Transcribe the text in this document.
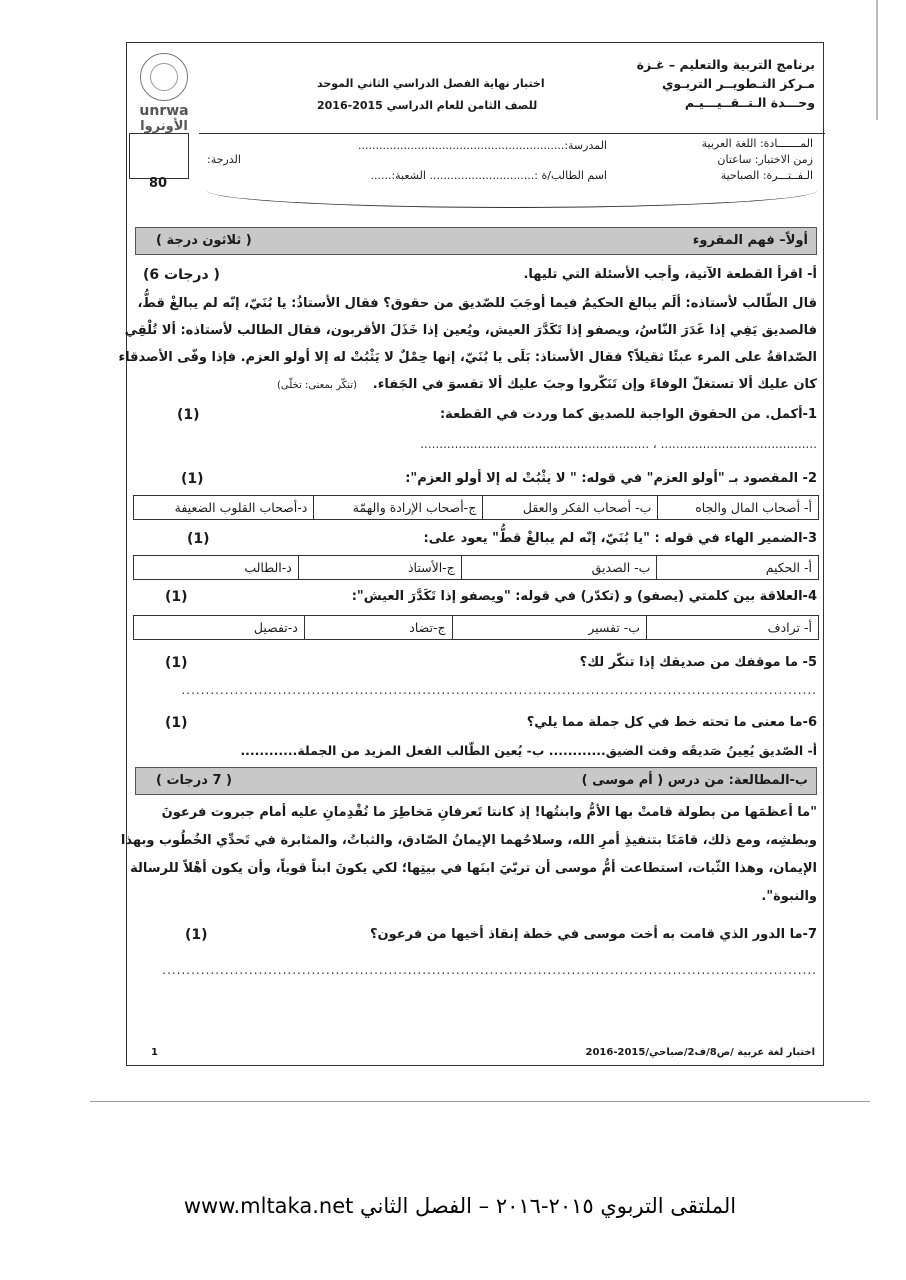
unrwa
الأونروا
برنامج التربية والتعليم – غـزة
مـركز التـطويــر التربـوي
وحـــدة الـتــقــيـــيـم
اختبار نهاية الفصل الدراسي الثاني الموحد
للصف الثامن للعام الدراسي 2015-2016
المـــــــادة: اللغة العربية
زمن الاختبار: ساعتان
الـفــتـــرة: الصباحية
المدرسة:...........................................................
اسم الطالب/ة :.............................. الشعبة:......
الدرجة:
80
أولاً– فهم المقروء
( ثلاثون درجة )
أ- اقرأ القطعة الآتية، وأجب الأسئلة التي تليها.
(6 درجات )
قال الطّالب لأستاذه: ألَم يبالغ الحكيمُ فيما أوجَبَ للصّديق من حقوق؟ فقال الأستاذُ: يا بُنَيّ، إنّه لم يبالغْ قطُّ،
فالصديق يَفِي إذا غَدَرَ النّاسُ، ويصفو إذا تَكَدَّرَ العيش، ويُعين إذا خَذَلَ الأقربون، فقال الطالب لأستاذه: ألا تُلْقِي
الصّداقةُ على المرء عبئًا ثقيلاً؟ فقال الأستاذ: بَلَى يا بُنَيّ، إنها حِمْلٌ لا يَثْبُتْ له إلا أولو العزم. فإذا وفّى الأصدقاء
كان عليك ألا تستغلّ الوفاءَ وإن تَنَكّروا وجبَ عليك ألا تقسوَ في الجَفاء.
(تنكّر بمعنى: تخلّى)
1-أكمل. من الحقوق الواجبة للصديق كما وردت في القطعة:
(1)
......................................... ، ............................................................
2- المقصود بـ "أولو العزم" في قوله: " لا يثْبُتْ له إلا أولو العزم":
(1)
أ- أصحاب المال والجاه	ب- أصحاب الفكر والعقل	ج-أصحاب الإرادة والهمّة	د-أصحاب القلوب الضعيفة
3-الضمير الهاء في قوله : "يا بُنَيّ، إنّه لم يبالغْ قطُّ" يعود على:
(1)
أ- الحكيم	ب- الصديق	ج-الأستاذ	د-الطالب
4-العلاقة بين كلمتي (يصفو) و (تكدّر) في قوله: "ويصفو إذا تَكَدَّرَ العيش":
(1)
أ- ترادف	ب- تفسير	ج-تضاد	د-تفصيل
5- ما موقفك من صديقك إذا تنكّر لك؟
(1)
....................................................................................................................................
6-ما معنى ما تحته خط في كل جملة مما يلي؟
(1)
أ- الصّديق يُعِينُ صَديقَه وقت الضيق............ ب- يُعين الطّالب الفعل المزيد من الجملة............
ب-المطالعة: من درس ( أم موسى )
( 7 درجات )
"ما أعظمَها من بطولة قامتْ بها الأمُّ وابنتُها! إذ كانتا تَعرفانِ مَخاطِرَ ما تُقْدِمانِ عليه أمام جبروت فرعونَ
وبطشِه، ومع ذلك، قامَتَا بتنفيذِ أمرِ الله، وسلاحُهما الإيمانُ الصّادق، والثباتُ، والمثابرة في تَحدِّي الخُطُوب وبهذا
الإيمان، وهذا الثّبات، استطاعت أمُّ موسى أن تربّيَ ابنَها في بيتِها؛ لكي يكونَ ابناً قوياً، وأن يكون أهْلاً للرسالة
والنبوة".
7-ما الدور الذي قامت به أخت موسى في خطة إنقاذ أخيها من فرعون؟
(1)
........................................................................................................................................
1	اختبار لغة عربية /ص8/ف2/صباحي/2015-2016
الملتقى التربوي ٢٠١٥-٢٠١٦ – الفصل الثاني www.mltaka.net
